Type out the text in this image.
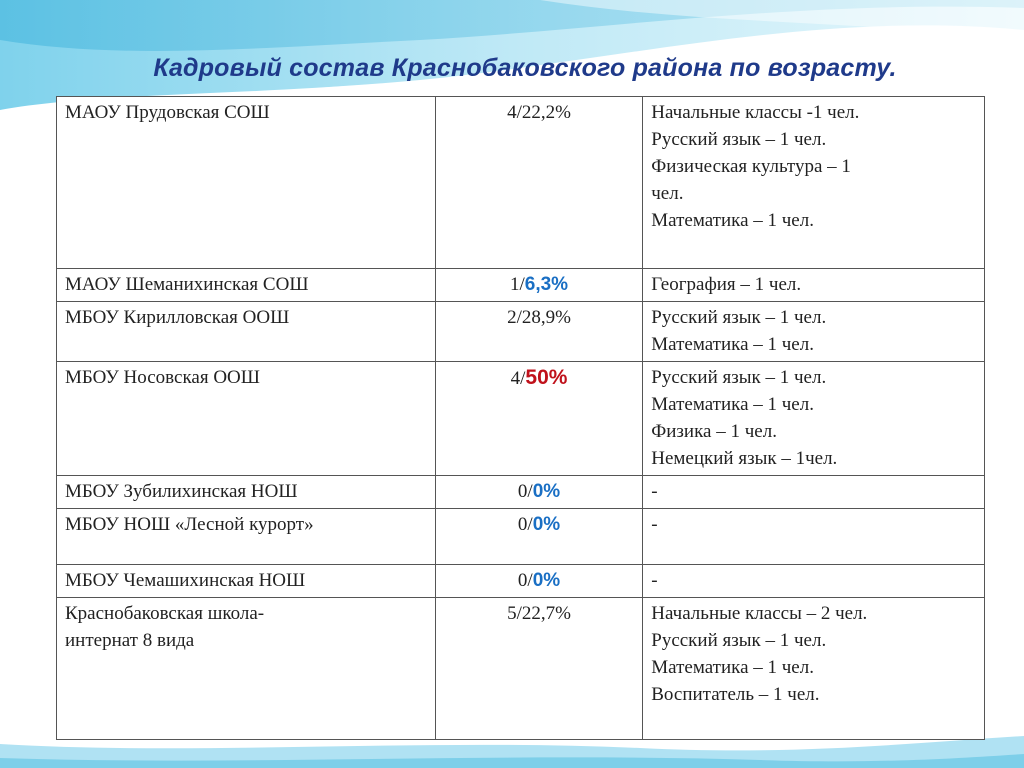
Кадровый состав Краснобаковского района по возрасту.
МАОУ Прудовская СОШ	4/22,2%	Начальные классы -1 чел.
Русский язык – 1 чел.
Физическая культура – 1
чел.
Математика – 1 чел.

МАОУ Шеманихинская СОШ	1/6,3%	География – 1 чел.

МБОУ Кирилловская ООШ	2/28,9%	Русский язык – 1 чел.
Математика – 1 чел.

МБОУ Носовская ООШ	4/50%	Русский язык – 1 чел.
Математика – 1 чел.
Физика – 1 чел.
Немецкий язык – 1чел.

МБОУ Зубилихинская НОШ	0/0%	-

МБОУ НОШ «Лесной курорт»	0/0%	-

МБОУ Чемашихинская НОШ	0/0%	-

Краснобаковская школа-
интернат 8 вида	5/22,7%	Начальные классы – 2 чел.
Русский язык – 1 чел.
Математика – 1 чел.
Воспитатель – 1 чел.
